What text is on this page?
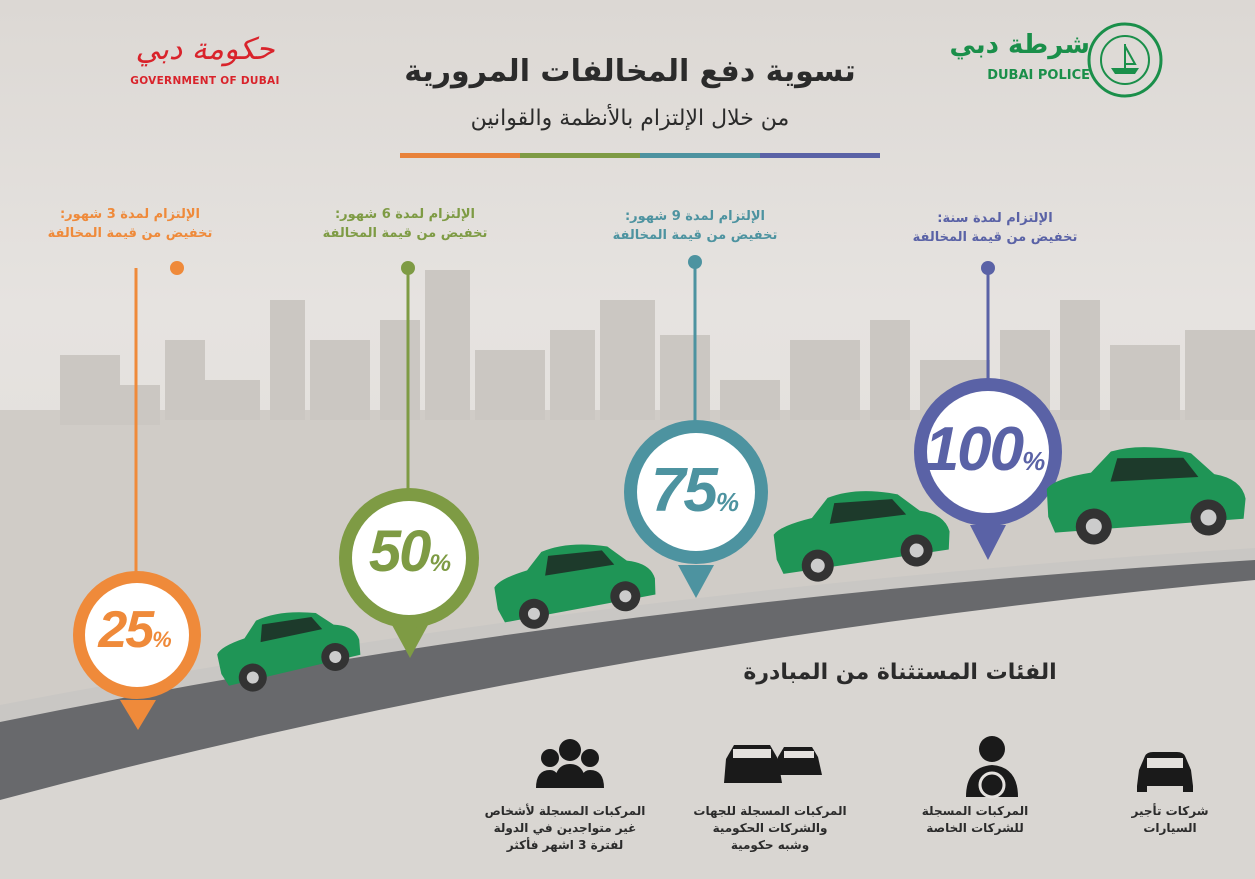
تسوية دفع المخالفات المرورية
من خلال الإلتزام بالأنظمة والقوانين
حكومة دبي
GOVERNMENT OF DUBAI
شرطة دبي
DUBAI POLICE
الإلتزام لمدة 3 شهور:
تخفيض من قيمة المخالفة
الإلتزام لمدة 6 شهور:
تخفيض من قيمة المخالفة
الإلتزام لمدة 9 شهور:
تخفيض من قيمة المخالفة
الإلتزام لمدة سنة:
تخفيض من قيمة المخالفة
25%
50%
75%
100%
الفئات المستثناة من المبادرة
شركات تأجير
السيارات
المركبات المسجلة
للشركات الخاصة
المركبات المسجلة للجهات
والشركات الحكومية
وشبه حكومية
المركبات المسجلة لأشخاص
غير متواجدين في الدولة
لفترة 3 اشهر فأكثر
